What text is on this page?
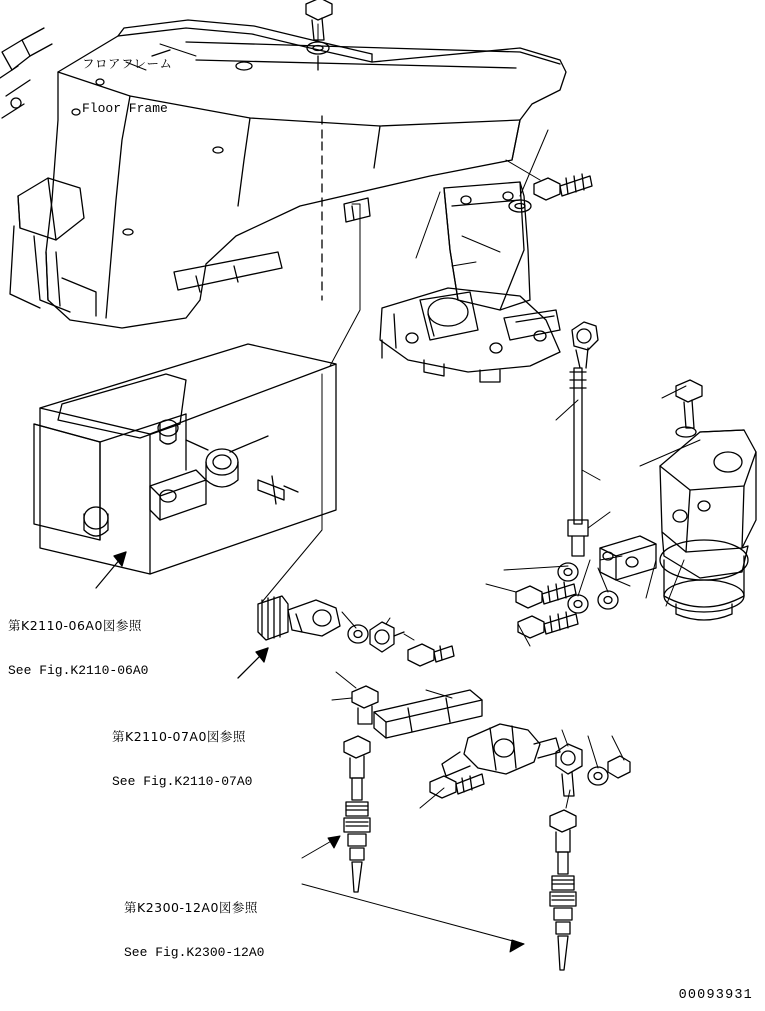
フロアフレーム

Floor Frame

第K2110-06A0図参照

See Fig.K2110-06A0

第K2110-07A0図参照

See Fig.K2110-07A0

第K2300-12A0図参照

See Fig.K2300-12A0

00093931
